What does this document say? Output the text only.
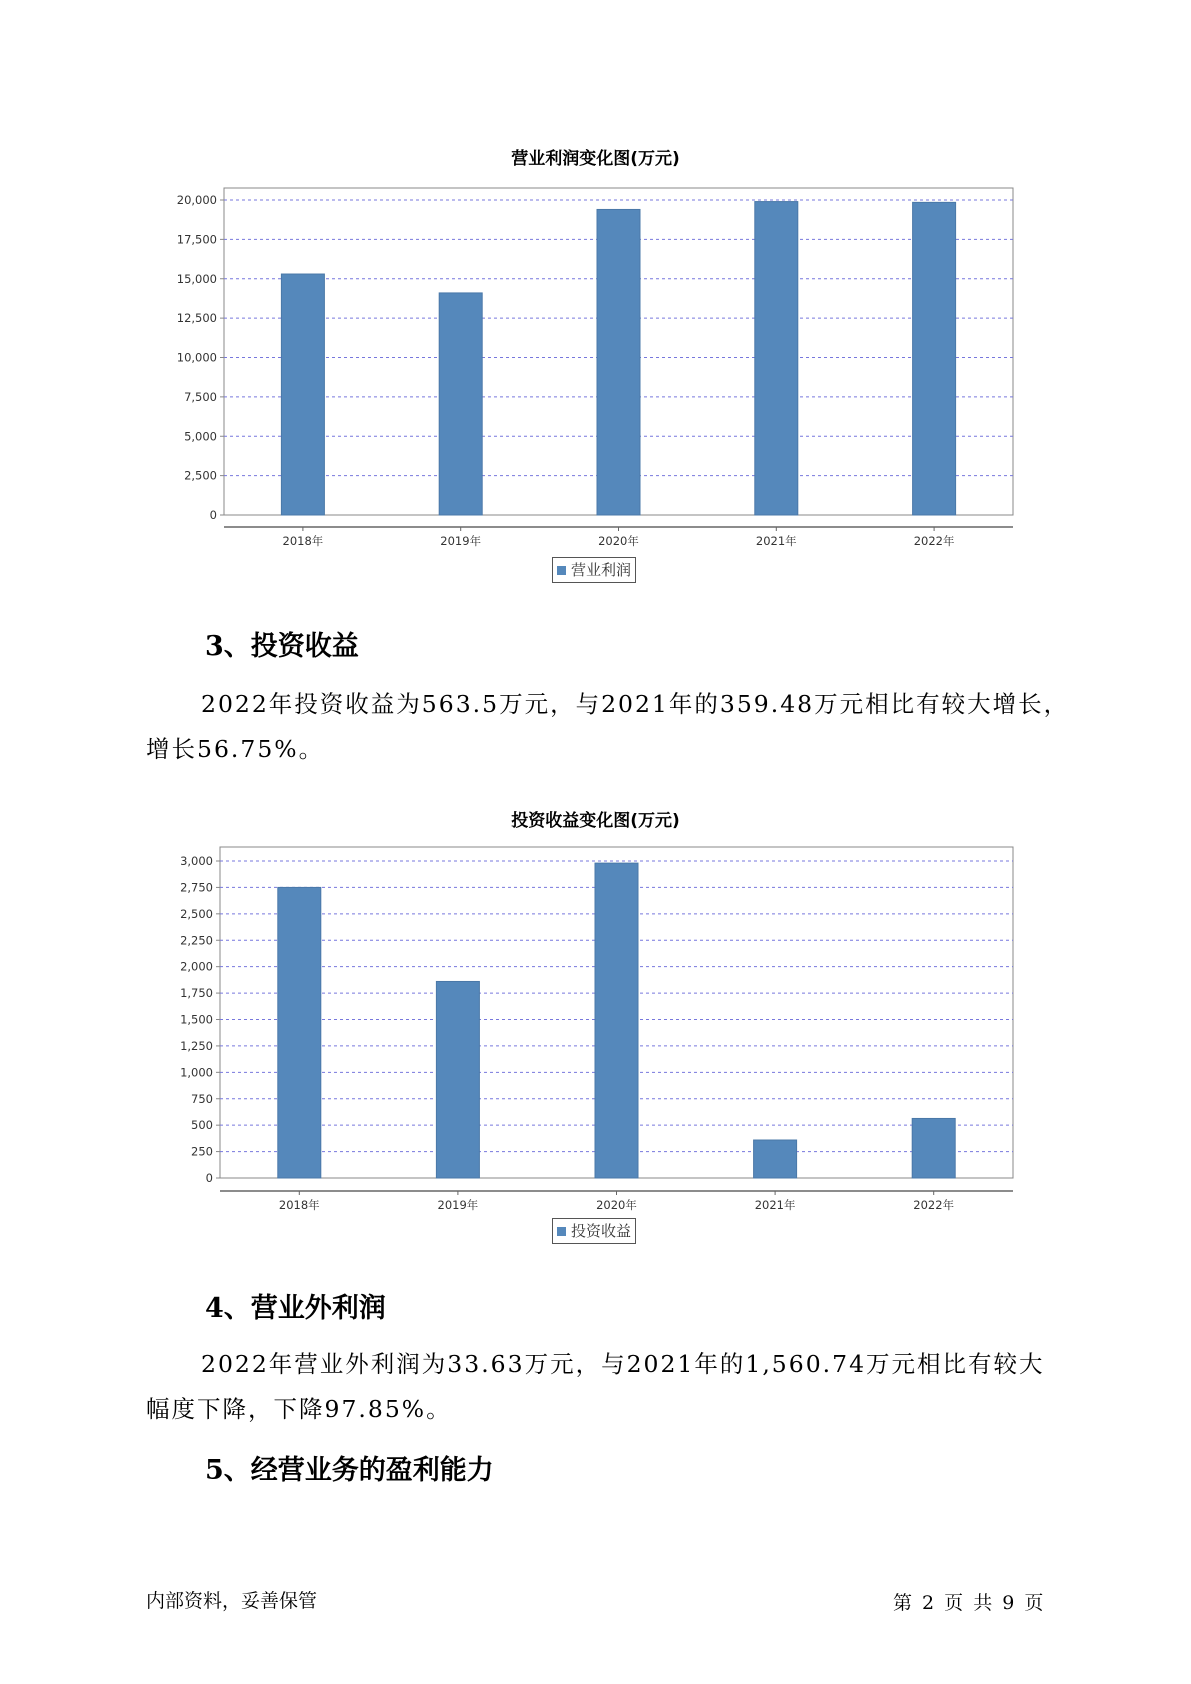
营业利润变化图(万元)
0
2,500
5,000
7,500
10,000
12,500
15,000
17,500
20,000
2018年	2019年	2020年	2021年	2022年
营业利润
3、投资收益
2022年投资收益为563.5万元，与2021年的359.48万元相比有较大增长，
增长56.75%。
投资收益变化图(万元)
0
250
500
750
1,000
1,250
1,500
1,750
2,000
2,250
2,500
2,750
3,000
2018年	2019年	2020年	2021年	2022年
投资收益
4、营业外利润
2022年营业外利润为33.63万元，与2021年的1,560.74万元相比有较大
幅度下降，下降97.85%。
5、经营业务的盈利能力
内部资料，妥善保管	第 2 页 共 9 页
